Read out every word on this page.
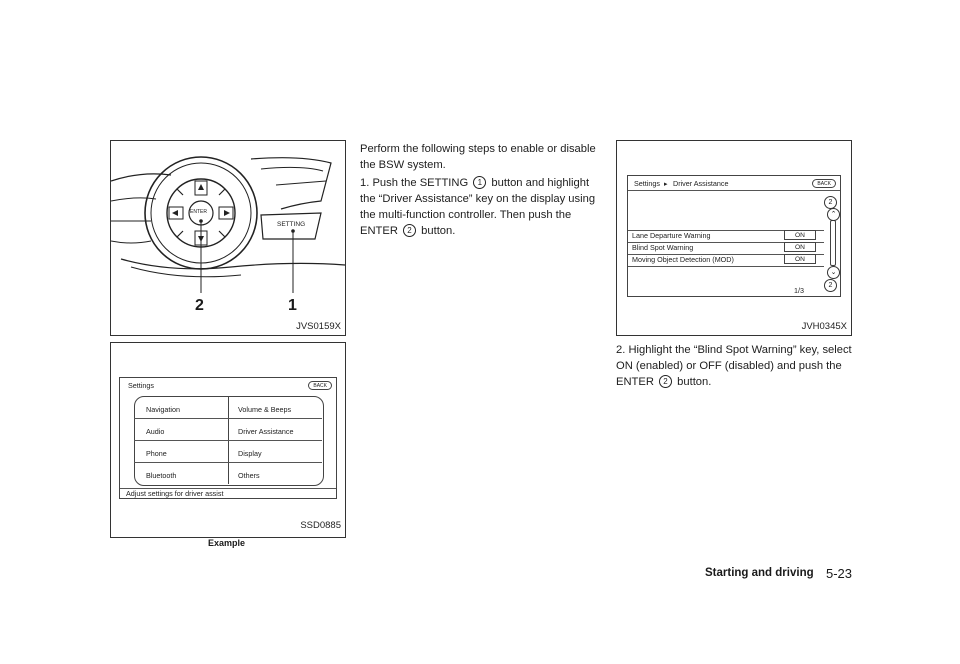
ENTER
SETTING
2	1
JVS0159X
Settings	BACK
Navigation
Audio
Phone
Bluetooth
Volume & Beeps
Driver Assistance
Display
Others
Adjust settings for driver assist
SSD0885
Example
Perform the following steps to enable or disable the BSW system.
1. Push the SETTING 1 button and highlight the “Driver Assistance” key on the display using the multi-function controller. Then push the ENTER 2 button.
Settings ▸ Driver Assistance	BACK
Lane Departure Warning	ON
Blind Spot Warning	ON
Moving Object Detection (MOD)	ON
1/3
2
⌃
⌄
2
JVH0345X
2. Highlight the “Blind Spot Warning” key, select ON (enabled) or OFF (disabled) and push the ENTER 2 button.
Starting and driving 5-23
